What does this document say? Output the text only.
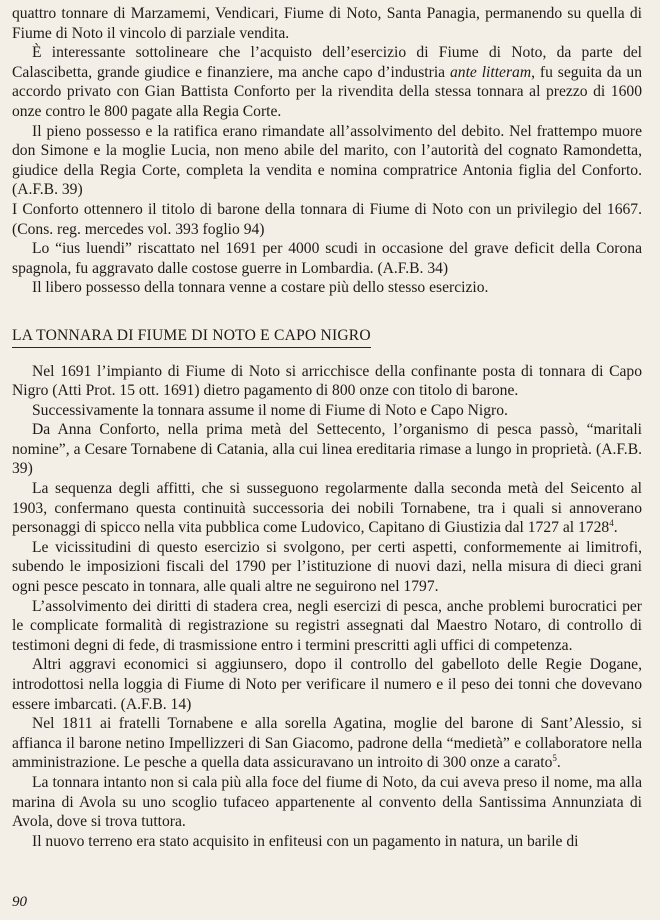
quattro tonnare di Marzamemi, Vendicari, Fiume di Noto, Santa Panagia, permanendo su quella di Fiume di Noto il vincolo di parziale vendita.

È interessante sottolineare che l’acquisto dell’esercizio di Fiume di Noto, da parte del Calascibetta, grande giudice e finanziere, ma anche capo d’industria ante litteram, fu seguita da un accordo privato con Gian Battista Conforto per la rivendita della stessa tonnara al prezzo di 1600 onze contro le 800 pagate alla Regia Corte.

Il pieno possesso e la ratifica erano rimandate all’assolvimento del debito. Nel frattempo muore don Simone e la moglie Lucia, non meno abile del marito, con l’autorità del cognato Ramondetta, giudice della Regia Corte, completa la vendita e nomina compratrice Antonia figlia del Conforto. (A.F.B. 39)

I Conforto ottennero il titolo di barone della tonnara di Fiume di Noto con un privilegio del 1667. (Cons. reg. mercedes vol. 393 foglio 94)

Lo “ius luendi” riscattato nel 1691 per 4000 scudi in occasione del grave deficit della Corona spagnola, fu aggravato dalle costose guerre in Lombardia. (A.F.B. 34)

Il libero possesso della tonnara venne a costare più dello stesso esercizio.

LA TONNARA DI FIUME DI NOTO E CAPO NIGRO

Nel 1691 l’impianto di Fiume di Noto si arricchisce della confinante posta di tonnara di Capo Nigro (Atti Prot. 15 ott. 1691) dietro pagamento di 800 onze con titolo di barone.

Successivamente la tonnara assume il nome di Fiume di Noto e Capo Nigro.

Da Anna Conforto, nella prima metà del Settecento, l’organismo di pesca passò, “maritali nomine”, a Cesare Tornabene di Catania, alla cui linea ereditaria rimase a lungo in proprietà. (A.F.B. 39)

La sequenza degli affitti, che si susseguono regolarmente dalla seconda metà del Seicento al 1903, confermano questa continuità successoria dei nobili Tornabene, tra i quali si annoverano personaggi di spicco nella vita pubblica come Ludovico, Capitano di Giustizia dal 1727 al 1728$^4$.

Le vicissitudini di questo esercizio si svolgono, per certi aspetti, conformemente ai limitrofi, subendo le imposizioni fiscali del 1790 per l’istituzione di nuovi dazi, nella misura di dieci grani ogni pesce pescato in tonnara, alle quali altre ne seguirono nel 1797.

L’assolvimento dei diritti di stadera crea, negli esercizi di pesca, anche problemi burocratici per le complicate formalità di registrazione su registri assegnati dal Maestro Notaro, di controllo di testimoni degni di fede, di trasmissione entro i termini prescritti agli uffici di competenza.

Altri aggravi economici si aggiunsero, dopo il controllo del gabelloto delle Regie Dogane, introdottosi nella loggia di Fiume di Noto per verificare il numero e il peso dei tonni che dovevano essere imbarcati. (A.F.B. 14)

Nel 1811 ai fratelli Tornabene e alla sorella Agatina, moglie del barone di Sant’Alessio, si affianca il barone netino Impellizzeri di San Giacomo, padrone della “medietà” e collaboratore nella amministrazione. Le pesche a quella data assicuravano un introito di 300 onze a carato$^5$.

La tonnara intanto non si cala più alla foce del fiume di Noto, da cui aveva preso il nome, ma alla marina di Avola su uno scoglio tufaceo appartenente al convento della Santissima Annunziata di Avola, dove si trova tuttora.

Il nuovo terreno era stato acquisito in enfiteusi con un pagamento in natura, un barile di

90
